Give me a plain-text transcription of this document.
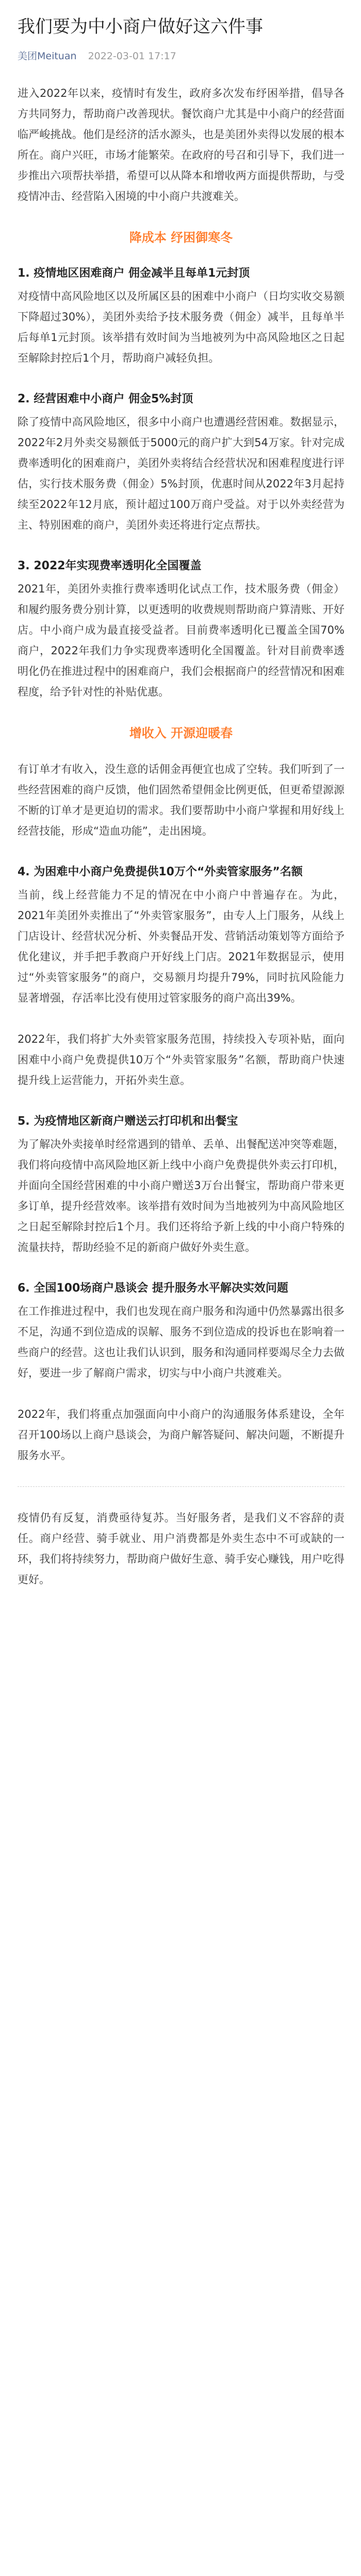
我们要为中小商户做好这六件事
美团Meituan 2022-03-01 17:17

进入2022年以来，疫情时有发生，政府多次发布纾困举措，倡导各方共同努力，帮助商户改善现状。餐饮商户尤其是中小商户的经营面临严峻挑战。他们是经济的活水源头，也是美团外卖得以发展的根本所在。商户兴旺，市场才能繁荣。在政府的号召和引导下，我们进一步推出六项帮扶举措，希望可以从降本和增收两方面提供帮助，与受疫情冲击、经营陷入困境的中小商户共渡难关。

降成本 纾困御寒冬
1. 疫情地区困难商户 佣金减半且每单1元封顶

对疫情中高风险地区以及所属区县的困难中小商户（日均实收交易额下降超过30%），美团外卖给予技术服务费（佣金）减半，且每单半后每单1元封顶。该举措有效时间为当地被列为中高风险地区之日起至解除封控后1个月，帮助商户减轻负担。

2. 经营困难中小商户 佣金5%封顶

除了疫情中高风险地区，很多中小商户也遭遇经营困难。数据显示，2022年2月外卖交易额低于5000元的商户扩大到54万家。针对完成费率透明化的困难商户，美团外卖将结合经营状况和困难程度进行评估，实行技术服务费（佣金）5%封顶，优惠时间从2022年3月起持续至2022年12月底，预计超过100万商户受益。对于以外卖经营为主、特别困难的商户，美团外卖还将进行定点帮扶。

3. 2022年实现费率透明化全国覆盖

2021年，美团外卖推行费率透明化试点工作，技术服务费（佣金）和履约服务费分别计算，以更透明的收费规则帮助商户算清账、开好店。中小商户成为最直接受益者。目前费率透明化已覆盖全国70%商户，2022年我们力争实现费率透明化全国覆盖。针对目前费率透明化仍在推进过程中的困难商户，我们会根据商户的经营情况和困难程度，给予针对性的补贴优惠。

增收入 开源迎暖春

有订单才有收入，没生意的话佣金再便宜也成了空转。我们听到了一些经营困难的商户反馈，他们固然希望佣金比例更低，但更希望源源不断的订单才是更迫切的需求。我们要帮助中小商户掌握和用好线上经营技能，形成“造血功能”，走出困境。

4. 为困难中小商户免费提供10万个“外卖管家服务”名额

当前，线上经营能力不足的情况在中小商户中普遍存在。为此，2021年美团外卖推出了“外卖管家服务”，由专人上门服务，从线上门店设计、经营状况分析、外卖餐品开发、营销活动策划等方面给予优化建议，并手把手教商户开好线上门店。2021年数据显示，使用过“外卖管家服务”的商户，交易额月均提升79%，同时抗风险能力显著增强，存活率比没有使用过管家服务的商户高出39%。

2022年，我们将扩大外卖管家服务范围，持续投入专项补贴，面向困难中小商户免费提供10万个“外卖管家服务”名额，帮助商户快速提升线上运营能力，开拓外卖生意。

5. 为疫情地区新商户赠送云打印机和出餐宝

为了解决外卖接单时经常遇到的错单、丢单、出餐配送冲突等难题，我们将向疫情中高风险地区新上线中小商户免费提供外卖云打印机，并面向全国经营困难的中小商户赠送3万台出餐宝，帮助商户带来更多订单，提升经营效率。该举措有效时间为当地被列为中高风险地区之日起至解除封控后1个月。我们还将给予新上线的中小商户特殊的流量扶持，帮助经验不足的新商户做好外卖生意。

6. 全国100场商户恳谈会 提升服务水平解决实效问题

在工作推进过程中，我们也发现在商户服务和沟通中仍然暴露出很多不足，沟通不到位造成的误解、服务不到位造成的投诉也在影响着一些商户的经营。这也让我们认识到，服务和沟通同样要竭尽全力去做好，要进一步了解商户需求，切实与中小商户共渡难关。

2022年，我们将重点加强面向中小商户的沟通服务体系建设，全年召开100场以上商户恳谈会，为商户解答疑问、解决问题，不断提升服务水平。

疫情仍有反复，消费亟待复苏。当好服务者，是我们义不容辞的责任。商户经营、骑手就业、用户消费都是外卖生态中不可或缺的一环，我们将持续努力，帮助商户做好生意、骑手安心赚钱，用户吃得更好。
